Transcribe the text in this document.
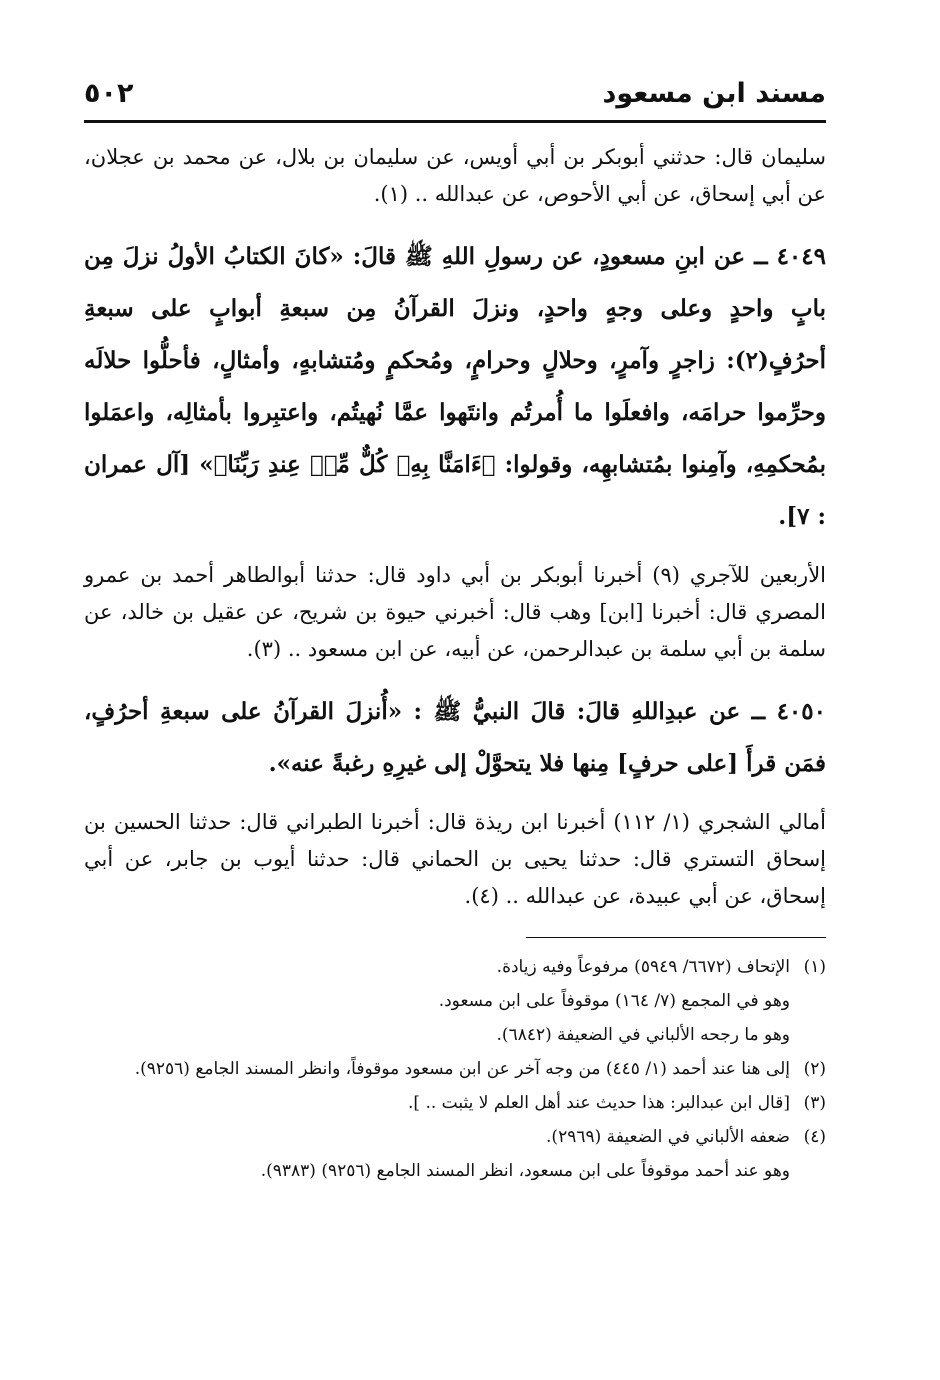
مسند ابن مسعود
٥٠٢

سليمان قال: حدثني أبوبكر بن أبي أويس، عن سليمان بن بلال، عن محمد بن عجلان، عن أبي إسحاق، عن أبي الأحوص، عن عبدالله .. (١).

٤٠٤٩ ــ عن ابنِ مسعودٍ، عن رسولِ اللهِ ﷺ قالَ: «كانَ الكتابُ الأولُ نزلَ مِن بابٍ واحدٍ وعلى وجهٍ واحدٍ، ونزلَ القرآنُ مِن سبعةِ أبوابٍ على سبعةِ أحرُفٍ(٢): زاجرٍ وآمرٍ، وحلالٍ وحرامٍ، ومُحكمٍ ومُتشابهٍ، وأمثالٍ، فأحلُّوا حلالَه وحرِّموا حرامَه، وافعلَوا ما أُمرتُم وانتَهوا عمَّا نُهيتُم، واعتبِروا بأمثالِه، واعمَلوا بمُحكمِهِ، وآمِنوا بمُتشابهِه، وقولوا: ﴿ءَامَنَّا بِهِۦ كُلٌّ مِّنۡ عِندِ رَبِّنَا﴾» [آل عمران : ٧].

الأربعين للآجري (٩) أخبرنا أبوبكر بن أبي داود قال: حدثنا أبوالطاهر أحمد بن عمرو المصري قال: أخبرنا [ابن] وهب قال: أخبرني حيوة بن شريح، عن عقيل بن خالد، عن سلمة بن أبي سلمة بن عبدالرحمن، عن أبيه، عن ابن مسعود .. (٣).

٤٠٥٠ ــ عن عبدِاللهِ قالَ: قالَ النبيُّ ﷺ : «أُنزلَ القرآنُ على سبعةِ أحرُفٍ، فمَن قرأَ [على حرفٍ] مِنها فلا يتحوَّلْ إلى غيرِهِ رغبةً عنه».

أمالي الشجري (١/ ١١٢) أخبرنا ابن ريذة قال: أخبرنا الطبراني قال: حدثنا الحسين بن إسحاق التستري قال: حدثنا يحيى بن الحماني قال: حدثنا أيوب بن جابر، عن أبي إسحاق، عن أبي عبيدة، عن عبدالله .. (٤).

(١)الإتحاف (٦٦٧٢/ ٥٩٤٩) مرفوعاً وفيه زيادة.

وهو في المجمع (٧/ ١٦٤) موقوفاً على ابن مسعود.

وهو ما رجحه الألباني في الضعيفة (٦٨٤٢).

(٢)إلى هنا عند أحمد (١/ ٤٤٥) من وجه آخر عن ابن مسعود موقوفاً، وانظر المسند الجامع (٩٢٥٦).

(٣)[قال ابن عبدالبر: هذا حديث عند أهل العلم لا يثبت .. ].

(٤)ضعفه الألباني في الضعيفة (٢٩٦٩).

وهو عند أحمد موقوفاً على ابن مسعود، انظر المسند الجامع (٩٢٥٦) (٩٣٨٣).
